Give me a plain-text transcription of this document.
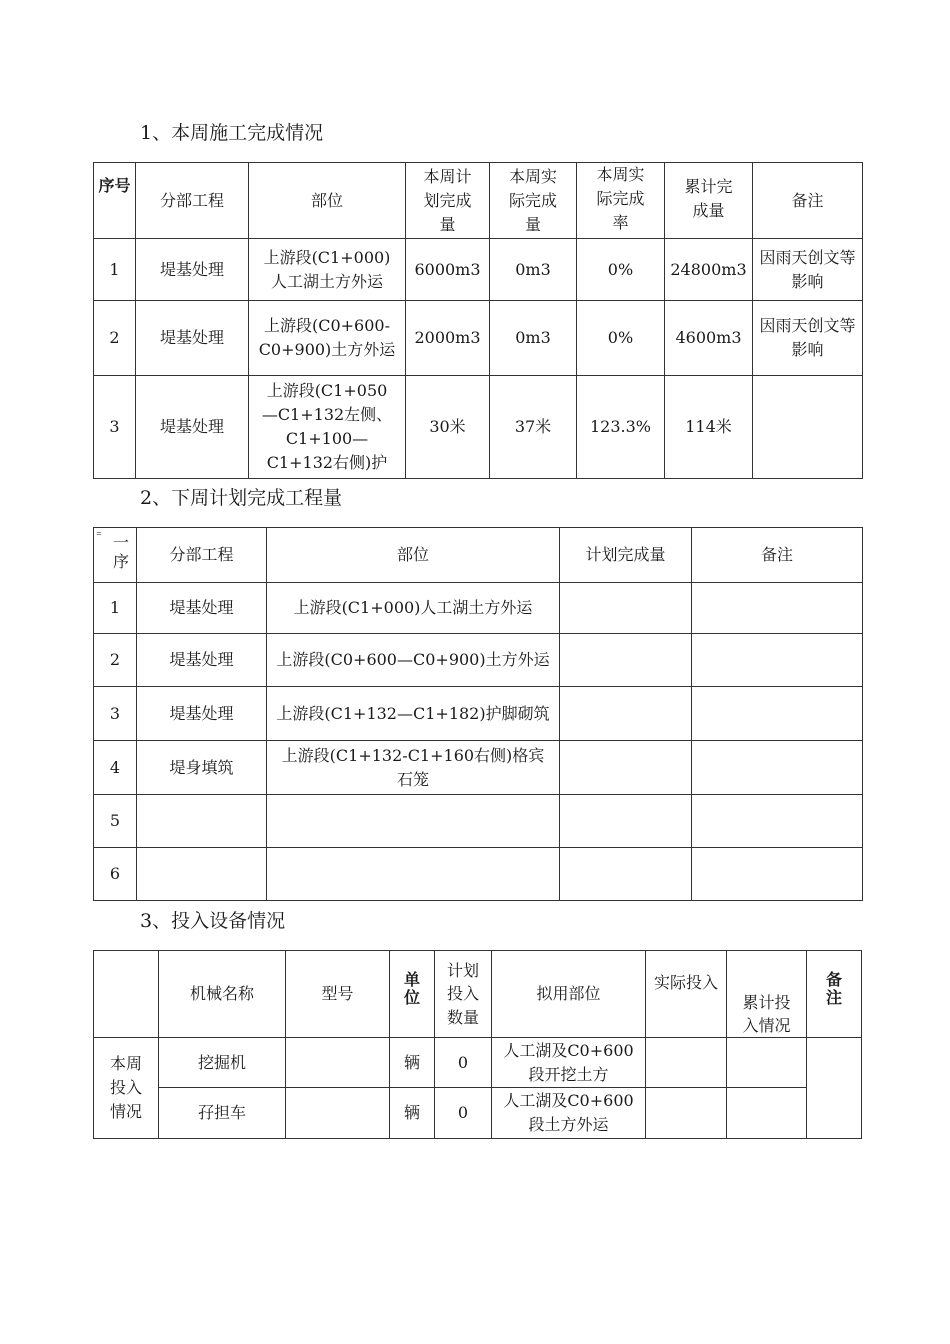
1、本周施工完成情况
序号	分部工程	部位	本周计划完成量	本周实际完成量	本周实际完成率	累计完成量	备注
1	堤基处理	上游段(C1+000)人工湖土方外运	6000m3	0m3	0%	24800m3	因雨天创文等影响
2	堤基处理	上游段(C0+600-C0+900)土方外运	2000m3	0m3	0%	4600m3	因雨天创文等影响
3	堤基处理	上游段(C1+050—C1+132左侧、C1+100—C1+132右侧)护	30米	37米	123.3%	114米	
2、下周计划完成工程量
⁼ 一序	分部工程	部位	计划完成量	备注
1	堤基处理	上游段(C1+000)人工湖土方外运		
2	堤基处理	上游段(C0+600—C0+900)土方外运		
3	堤基处理	上游段(C1+132—C1+182)护脚砌筑		
4	堤身填筑	上游段(C1+132-C1+160右侧)格宾石笼		
5				
6				
3、投入设备情况
	机械名称	型号	单位	计划投入数量	拟用部位	实际投入	累计投入情况	备注
本周投入情况	挖掘机		辆	0	人工湖及C0+600段开挖土方			
	孖担车		辆	0	人工湖及C0+600段土方外运			
